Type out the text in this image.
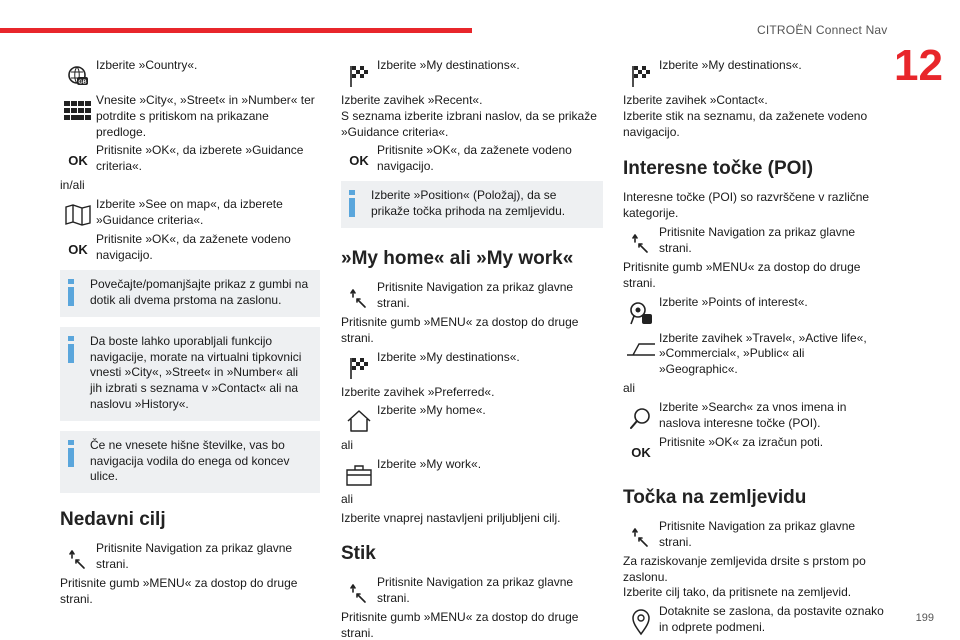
CITROËN Connect Nav
12
199
GB
Izberite »Country«.
Vnesite »City«, »Street« in »Number« ter potrdite s pritiskom na prikazane predloge.
OK
Pritisnite »OK«, da izberete »Guidance criteria«.
in/ali
Izberite »See on map«, da izberete »Guidance criteria«.
OK
Pritisnite »OK«, da zaženete vodeno navigacijo.
Povečajte/pomanjšajte prikaz z gumbi na dotik ali dvema prstoma na zaslonu.
Da boste lahko uporabljali funkcijo navigacije, morate na virtualni tipkovnici vnesti »City«, »Street« in »Number« ali jih izbrati s seznama v »Contact« ali na naslovu »History«.
Če ne vnesete hišne številke, vas bo navigacija vodila do enega od koncev ulice.
Nedavni cilj
Pritisnite Navigation za prikaz glavne strani.
Pritisnite gumb »MENU« za dostop do druge strani.
Izberite »My destinations«.
Izberite zavihek »Recent«.
S seznama izberite izbrani naslov, da se prikaže »Guidance criteria«.
OK
Pritisnite »OK«, da zaženete vodeno navigacijo.
Izberite »Position« (Položaj), da se prikaže točka prihoda na zemljevidu.
»My home« ali »My work«
Pritisnite Navigation za prikaz glavne strani.
Pritisnite gumb »MENU« za dostop do druge strani.
Izberite »My destinations«.
Izberite zavihek »Preferred«.
Izberite »My home«.
ali
Izberite »My work«.
ali
Izberite vnaprej nastavljeni priljubljeni cilj.
Stik
Pritisnite Navigation za prikaz glavne strani.
Pritisnite gumb »MENU« za dostop do druge strani.
Izberite »My destinations«.
Izberite zavihek »Contact«.
Izberite stik na seznamu, da zaženete vodeno navigacijo.
Interesne točke (POI)
Interesne točke (POI) so razvrščene v različne kategorije.
Pritisnite Navigation za prikaz glavne strani.
Pritisnite gumb »MENU« za dostop do druge strani.
Izberite »Points of interest«.
Izberite zavihek »Travel«, »Active life«, »Commercial«, »Public« ali »Geographic«.
ali
Izberite »Search« za vnos imena in naslova interesne točke (POI).
OK
Pritisnite »OK« za izračun poti.
Točka na zemljevidu
Pritisnite Navigation za prikaz glavne strani.
Za raziskovanje zemljevida drsite s prstom po zaslonu.
Izberite cilj tako, da pritisnete na zemljevid.
Dotaknite se zaslona, da postavite oznako in odprete podmeni.
